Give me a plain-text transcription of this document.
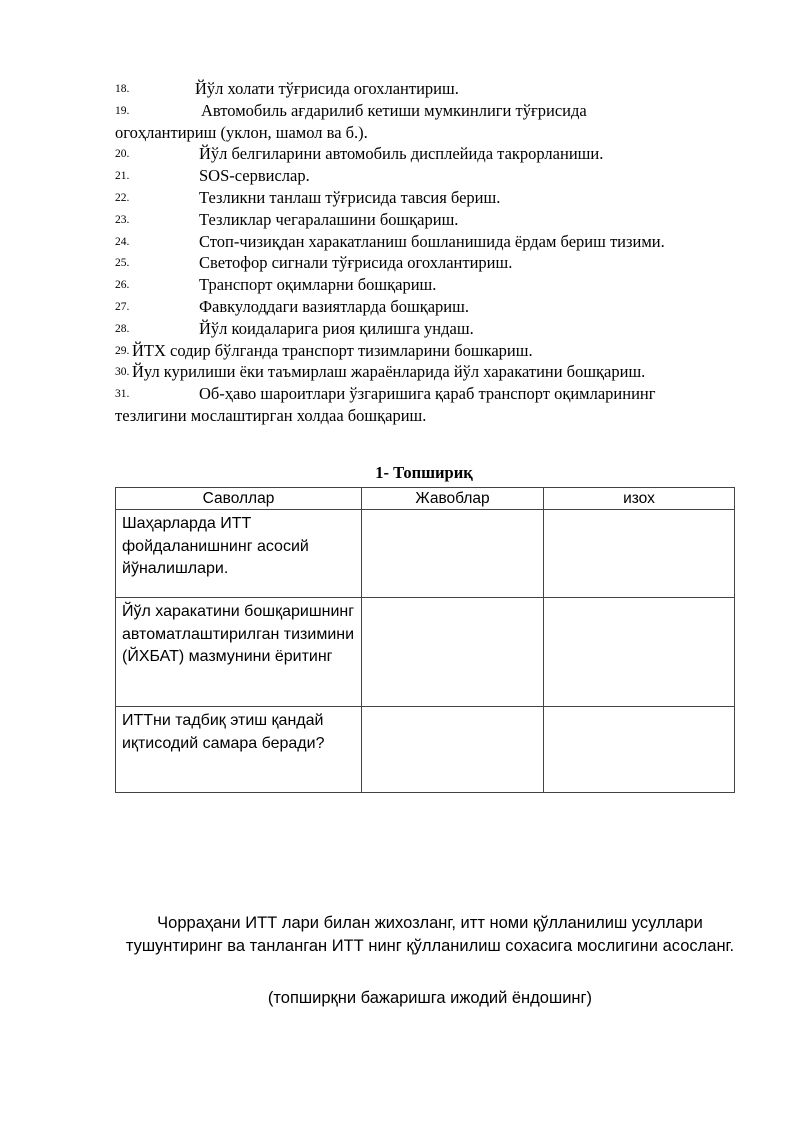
18.	Йўл холати тўғрисида огохлантириш.
19.	Автомобиль ағдарилиб кетиши мумкинлиги тўғрисида
огоҳлантириш (уклон, шамол ва б.).
20.	Йўл белгиларини автомобиль дисплейида такрорланиши.
21.	SOS-сервислар.
22.	Тезликни танлаш тўғрисида тавсия бериш.
23.	Тезликлар чегаралашини бошқариш.
24.	Стоп-чизиқдан харакатланиш бошланишида ёрдам бериш тизими.
25.	Светофор сигнали тўғрисида огохлантириш.
26.	Транспорт оқимларни бошқариш.
27.	Фавкулоддаги вазиятларда бошқариш.
28.	Йўл коидаларига риоя қилишга ундаш.
29. ЙТХ содир бўлганда транспорт тизимларини бошкариш.
30. Йул курилиши ёки таъмирлаш жараёнларида йўл харакатини бошқариш.
31.	Об-ҳаво шароитлари ўзгаришига қараб транспорт оқимларининг
тезлигини мослаштирган холдаа бошқариш.
1- Топшириқ
Саволлар	Жавоблар	изох
Шаҳарларда ИТТ фойдаланишнинг асосий йўналишлари.		
Йўл харакатини бошқаришнинг автоматлаштирилган тизимини (ЙХБАТ) мазмунини ёритинг		
ИТТни тадбиқ этиш қандай иқтисодий самара беради?		
Чорраҳани ИТТ лари билан жихозланг, итт номи қўлланилиш усуллари тушунтиринг ва танланган ИТТ нинг қўлланилиш сохасига мослигини асосланг.
(топширқни бажаришга ижодий ёндошинг)
